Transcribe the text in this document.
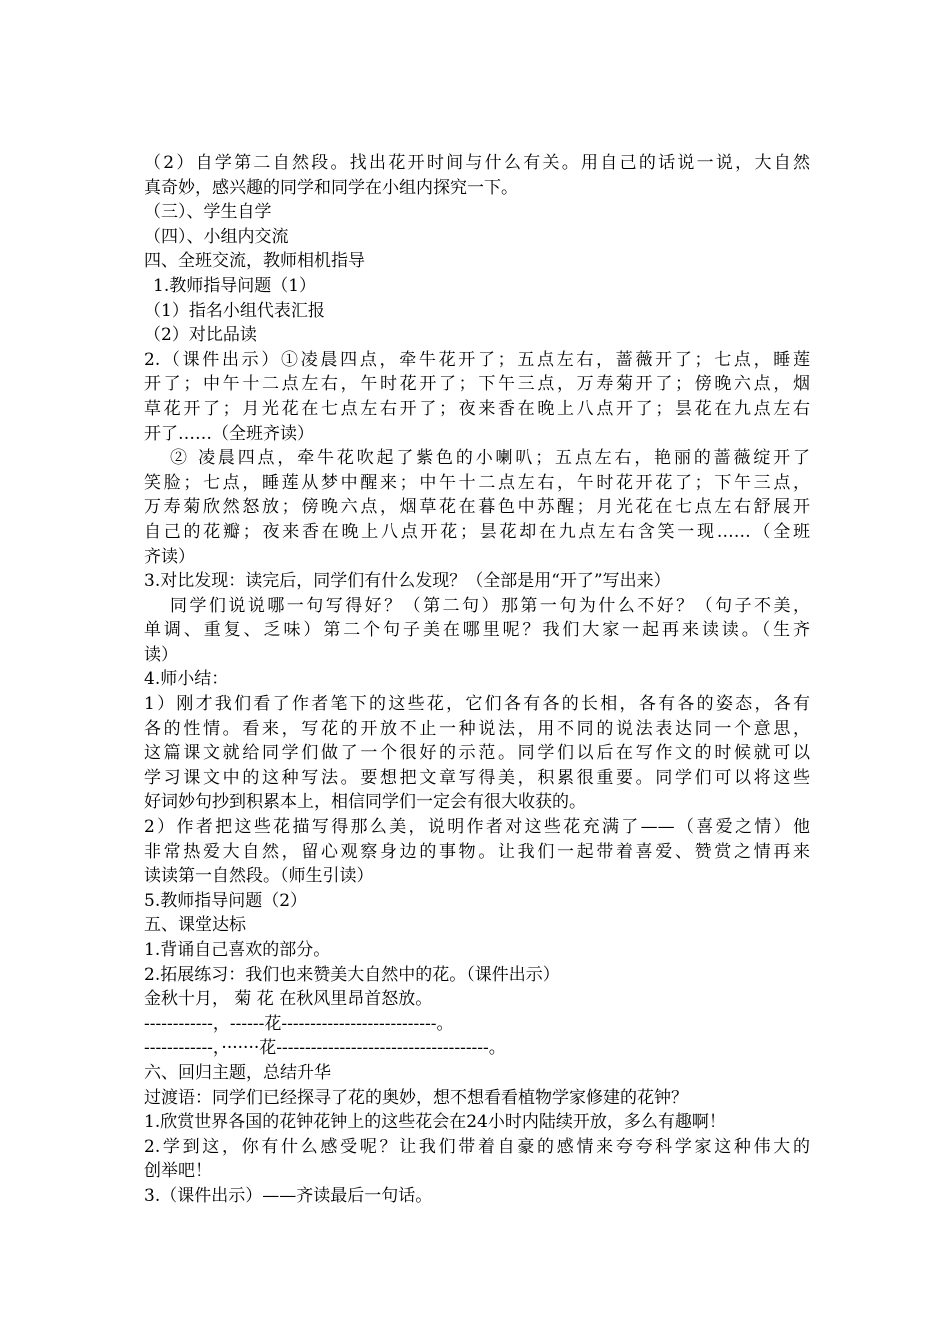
（2）自学第二自然段。找出花开时间与什么有关。用自己的话说一说，大自然
真奇妙，感兴趣的同学和同学在小组内探究一下。
（三）、学生自学
（四）、小组内交流
四、全班交流，教师相机指导
1.教师指导问题（1）
（1）指名小组代表汇报
（2）对比品读
2.（课件出示）①凌晨四点，牵牛花开了；五点左右，蔷薇开了；七点，睡莲
开了；中午十二点左右，午时花开了；下午三点，万寿菊开了；傍晚六点，烟
草花开了；月光花在七点左右开了；夜来香在晚上八点开了；昙花在九点左右
开了……（全班齐读）
② 凌晨四点，牵牛花吹起了紫色的小喇叭；五点左右，艳丽的蔷薇绽开了
笑脸；七点，睡莲从梦中醒来；中午十二点左右，午时花开花了；下午三点，
万寿菊欣然怒放；傍晚六点，烟草花在暮色中苏醒；月光花在七点左右舒展开
自己的花瓣；夜来香在晚上八点开花；昙花却在九点左右含笑一现……（全班
齐读）
3.对比发现：读完后，同学们有什么发现？（全部是用“开了”写出来）
同学们说说哪一句写得好？（第二句）那第一句为什么不好？（句子不美，
单调、重复、乏味）第二个句子美在哪里呢？我们大家一起再来读读。（生齐
读）
4.师小结：
1）刚才我们看了作者笔下的这些花，它们各有各的长相，各有各的姿态，各有
各的性情。看来，写花的开放不止一种说法，用不同的说法表达同一个意思，
这篇课文就给同学们做了一个很好的示范。同学们以后在写作文的时候就可以
学习课文中的这种写法。要想把文章写得美，积累很重要。同学们可以将这些
好词妙句抄到积累本上，相信同学们一定会有很大收获的。
2）作者把这些花描写得那么美，说明作者对这些花充满了——（喜爱之情）他
非常热爱大自然，留心观察身边的事物。让我们一起带着喜爱、赞赏之情再来
读读第一自然段。（师生引读）
5.教师指导问题（2）
五、课堂达标
1.背诵自己喜欢的部分。
2.拓展练习：我们也来赞美大自然中的花。（课件出示）
金秋十月， 菊 花 在秋风里昂首怒放。
------------，------花---------------------------。
------------，·······花-------------------------------------。
六、回归主题，总结升华
过渡语：同学们已经探寻了花的奥妙，想不想看看植物学家修建的花钟？
1.欣赏世界各国的花钟花钟上的这些花会在24小时内陆续开放，多么有趣啊！
2.学到这，你有什么感受呢？让我们带着自豪的感情来夸夸科学家这种伟大的
创举吧！
3.（课件出示）——齐读最后一句话。
